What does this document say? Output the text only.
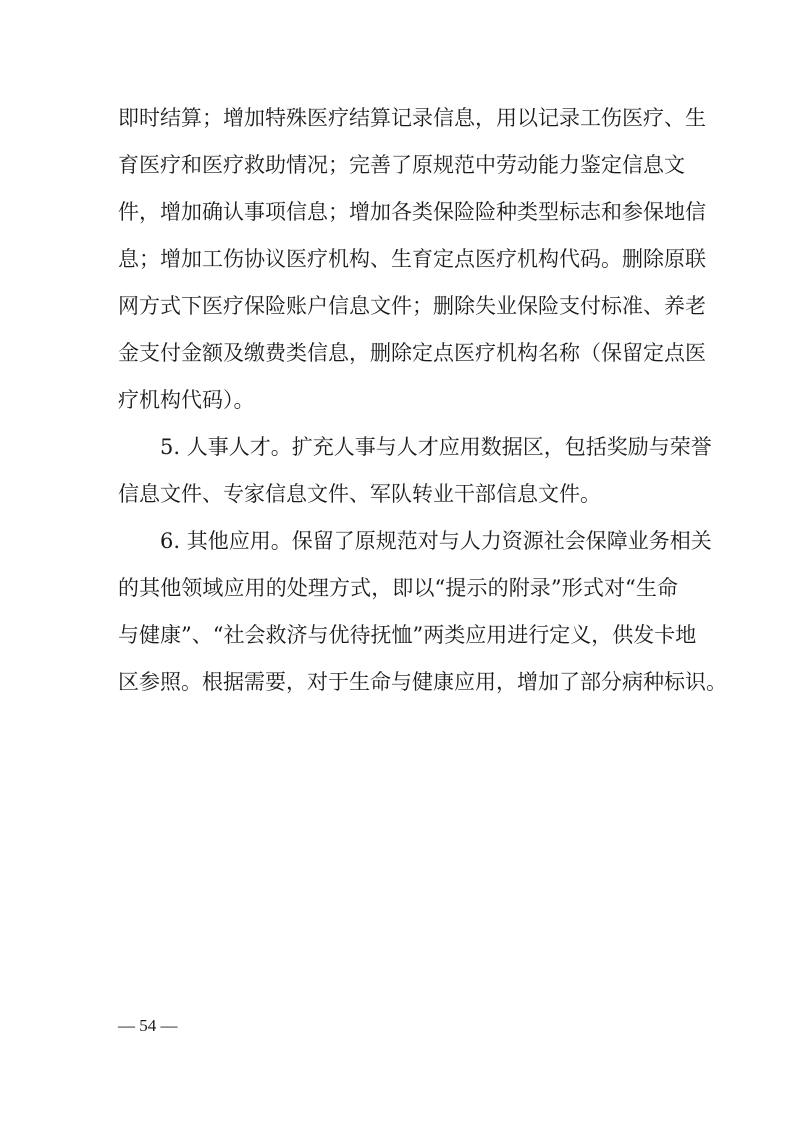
即时结算；增加特殊医疗结算记录信息，用以记录工伤医疗、生
育医疗和医疗救助情况；完善了原规范中劳动能力鉴定信息文
件，增加确认事项信息；增加各类保险险种类型标志和参保地信
息；增加工伤协议医疗机构、生育定点医疗机构代码。删除原联
网方式下医疗保险账户信息文件；删除失业保险支付标准、养老
金支付金额及缴费类信息，删除定点医疗机构名称（保留定点医
疗机构代码）。
5. 人事人才。扩充人事与人才应用数据区，包括奖励与荣誉
信息文件、专家信息文件、军队转业干部信息文件。
6. 其他应用。保留了原规范对与人力资源社会保障业务相关
的其他领域应用的处理方式，即以“提示的附录”形式对“生命
与健康”、“社会救济与优待抚恤”两类应用进行定义，供发卡地
区参照。根据需要，对于生命与健康应用，增加了部分病种标识。
— 54 —
